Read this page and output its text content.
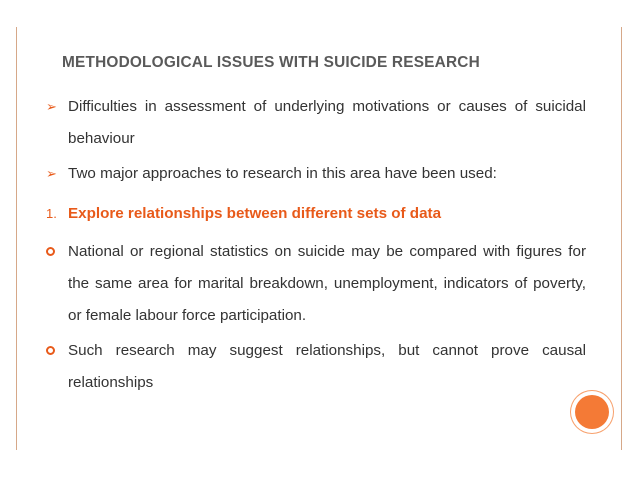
METHODOLOGICAL ISSUES WITH SUICIDE RESEARCH
➢ Difficulties in assessment of underlying motivations or causes of suicidal behaviour
➢ Two major approaches to research in this area have been used:
1. Explore relationships between different sets of data
National or regional statistics on suicide may be compared with figures for the same area for marital breakdown, unemployment, indicators of poverty, or female labour force participation.
Such research may suggest relationships, but cannot prove causal relationships
